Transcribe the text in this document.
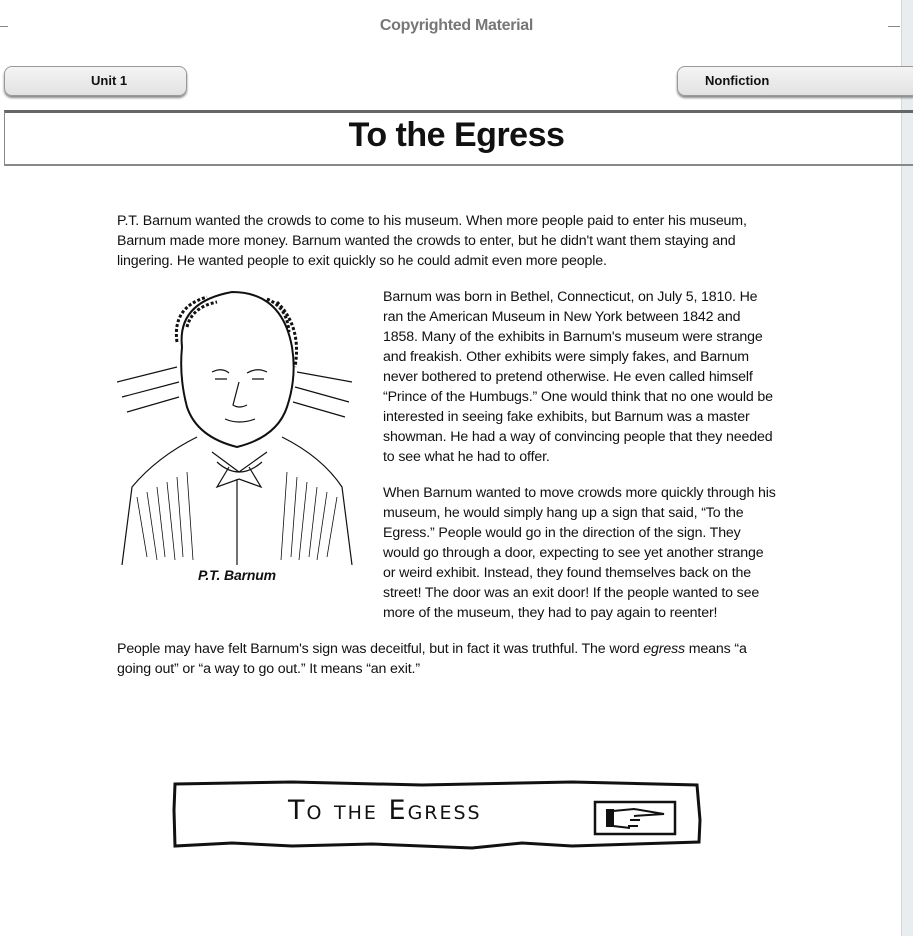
Copyrighted Material
Unit 1	Nonfiction
To the Egress

P.T. Barnum wanted the crowds to come to his museum. When more people paid to enter his museum, Barnum made more money. Barnum wanted the crowds to enter, but he didn't want them staying and lingering. He wanted people to exit quickly so he could admit even more people.

P.T. Barnum

Barnum was born in Bethel, Connecticut, on July 5, 1810. He ran the American Museum in New York between 1842 and 1858. Many of the exhibits in Barnum's museum were strange and freakish. Other exhibits were simply fakes, and Barnum never bothered to pretend otherwise. He even called himself “Prince of the Humbugs.” One would think that no one would be interested in seeing fake exhibits, but Barnum was a master showman. He had a way of convincing people that they needed to see what he had to offer.

When Barnum wanted to move crowds more quickly through his museum, he would simply hang up a sign that said, “To the Egress.” People would go in the direction of the sign. They would go through a door, expecting to see yet another strange or weird exhibit. Instead, they found themselves back on the street! The door was an exit door! If the people wanted to see more of the museum, they had to pay again to reenter!

People may have felt Barnum's sign was deceitful, but in fact it was truthful. The word egress means “a going out” or “a way to go out.” It means “an exit.”

To the Egress
